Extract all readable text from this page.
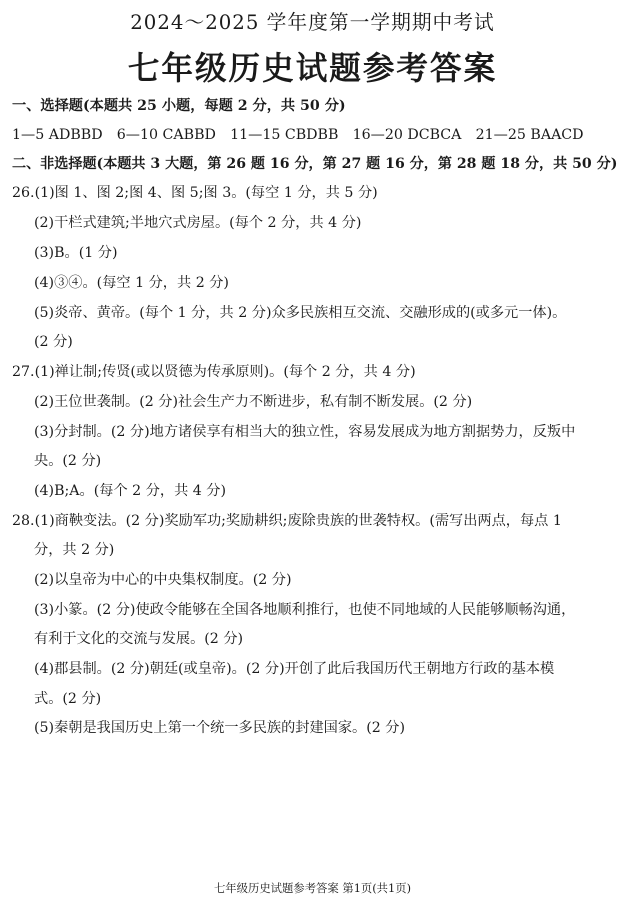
2024～2025 学年度第一学期期中考试
七年级历史试题参考答案
一、选择题(本题共 25 小题，每题 2 分，共 50 分)
1—5 ADBBD　6—10 CABBD　11—15 CBDBB　16—20 DCBCA　21—25 BAACD
二、非选择题(本题共 3 大题，第 26 题 16 分，第 27 题 16 分，第 28 题 18 分，共 50 分)
26.(1)图 1、图 2;图 4、图 5;图 3。(每空 1 分，共 5 分)
(2)干栏式建筑;半地穴式房屋。(每个 2 分，共 4 分)
(3)B。(1 分)
(4)③④。(每空 1 分，共 2 分)
(5)炎帝、黄帝。(每个 1 分，共 2 分)众多民族相互交流、交融形成的(或多元一体)。
(2 分)
27.(1)禅让制;传贤(或以贤德为传承原则)。(每个 2 分，共 4 分)
(2)王位世袭制。(2 分)社会生产力不断进步，私有制不断发展。(2 分)
(3)分封制。(2 分)地方诸侯享有相当大的独立性，容易发展成为地方割据势力，反叛中
央。(2 分)
(4)B;A。(每个 2 分，共 4 分)
28.(1)商鞅变法。(2 分)奖励军功;奖励耕织;废除贵族的世袭特权。(需写出两点，每点 1
分，共 2 分)
(2)以皇帝为中心的中央集权制度。(2 分)
(3)小篆。(2 分)使政令能够在全国各地顺利推行，也使不同地域的人民能够顺畅沟通，
有利于文化的交流与发展。(2 分)
(4)郡县制。(2 分)朝廷(或皇帝)。(2 分)开创了此后我国历代王朝地方行政的基本模
式。(2 分)
(5)秦朝是我国历史上第一个统一多民族的封建国家。(2 分)
七年级历史试题参考答案 第1页(共1页)
